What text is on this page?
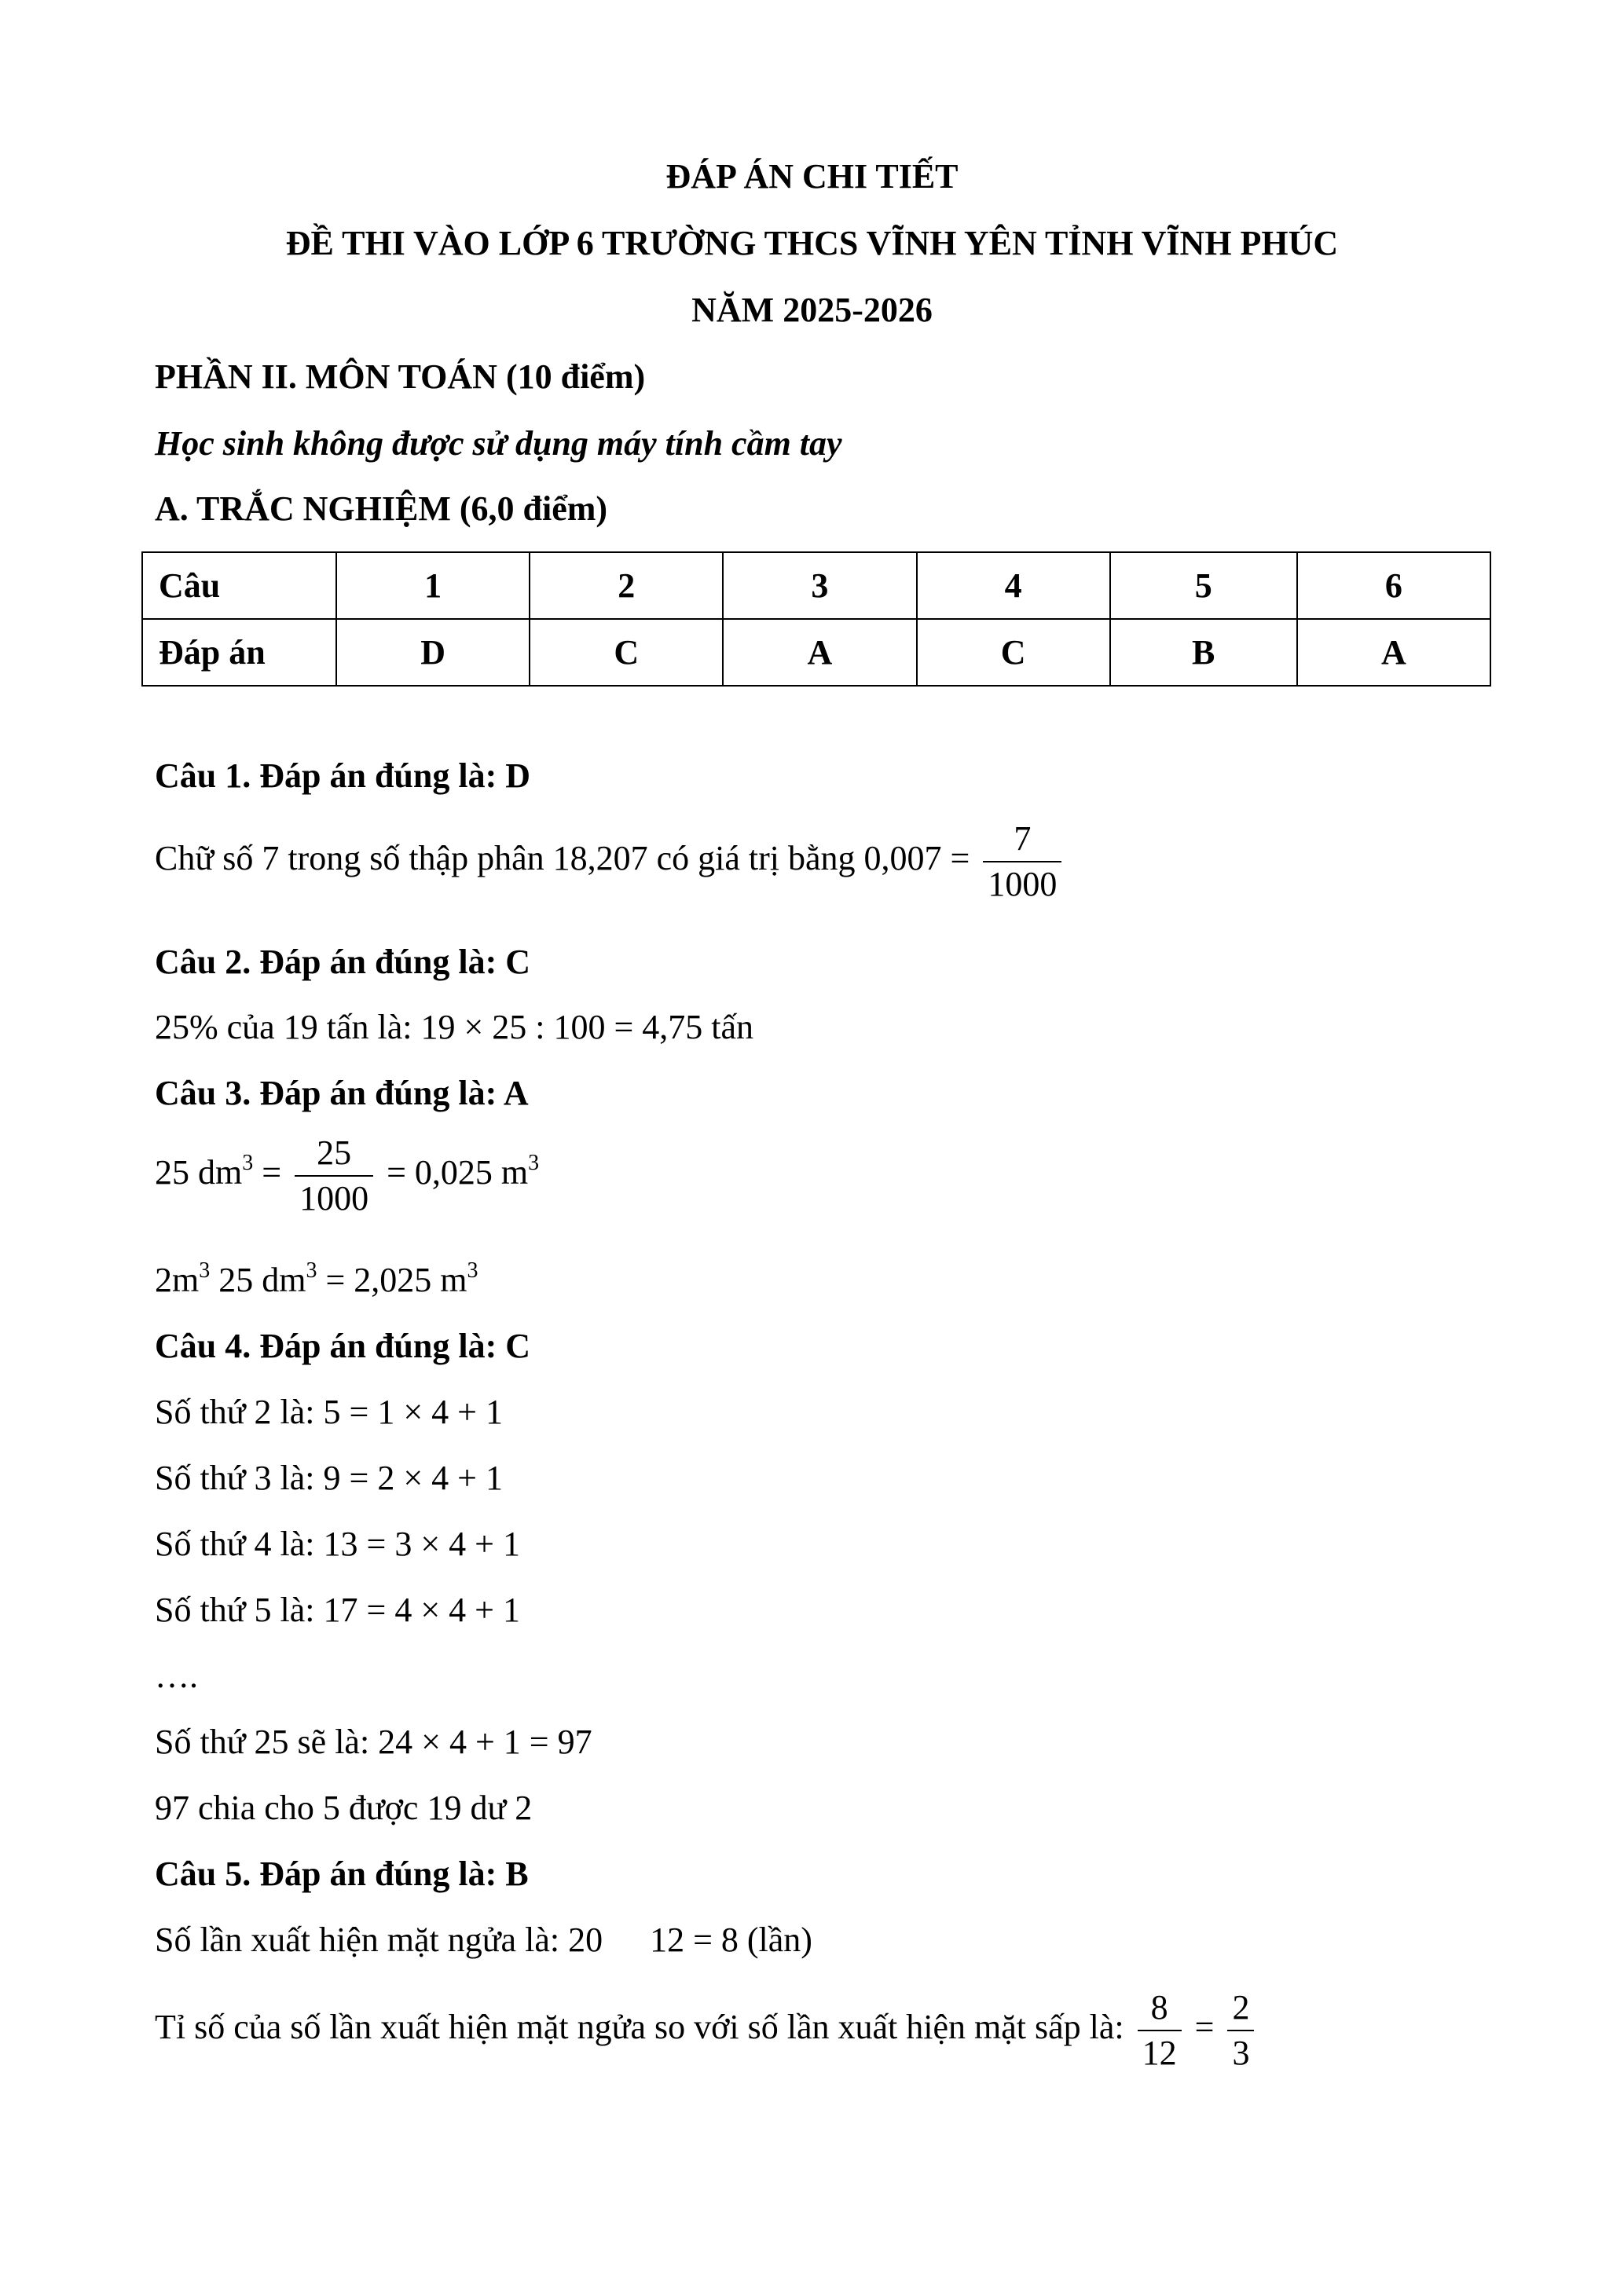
ĐÁP ÁN CHI TIẾT
ĐỀ THI VÀO LỚP 6 TRƯỜNG THCS VĨNH YÊN TỈNH VĨNH PHÚC
NĂM 2025-2026
PHẦN II. MÔN TOÁN (10 điểm)
Học sinh không được sử dụng máy tính cầm tay
A. TRẮC NGHIỆM (6,0 điểm)
Câu	1	2	3	4	5	6
Đáp án	D	C	A	C	B	A
Câu 1. Đáp án đúng là: D
Chữ số 7 trong số thập phân 18,207 có giá trị bằng $0,007 = \frac{7}{1000}$
Câu 2. Đáp án đúng là: C
25% của 19 tấn là: 19 × 25 : 100 = 4,75 tấn
Câu 3. Đáp án đúng là: A
25 $dm^3 = \frac{25}{1000} = 0,025$ $m^3$
$2m^3$ 25 $dm^3 = 2,025$ $m^3$
Câu 4. Đáp án đúng là: C
Số thứ 2 là: 5 = 1 × 4 + 1
Số thứ 3 là: 9 = 2 × 4 + 1
Số thứ 4 là: 13 = 3 × 4 + 1
Số thứ 5 là: 17 = 4 × 4 + 1
….
Số thứ 25 sẽ là: 24 × 4 + 1 = 97
97 chia cho 5 được 19 dư 2
Câu 5. Đáp án đúng là: B
Số lần xuất hiện mặt ngửa là: 20 12 = 8 (lần)
Tỉ số của số lần xuất hiện mặt ngửa so với số lần xuất hiện mặt sấp là: $\frac{8}{12} = \frac{2}{3}$
